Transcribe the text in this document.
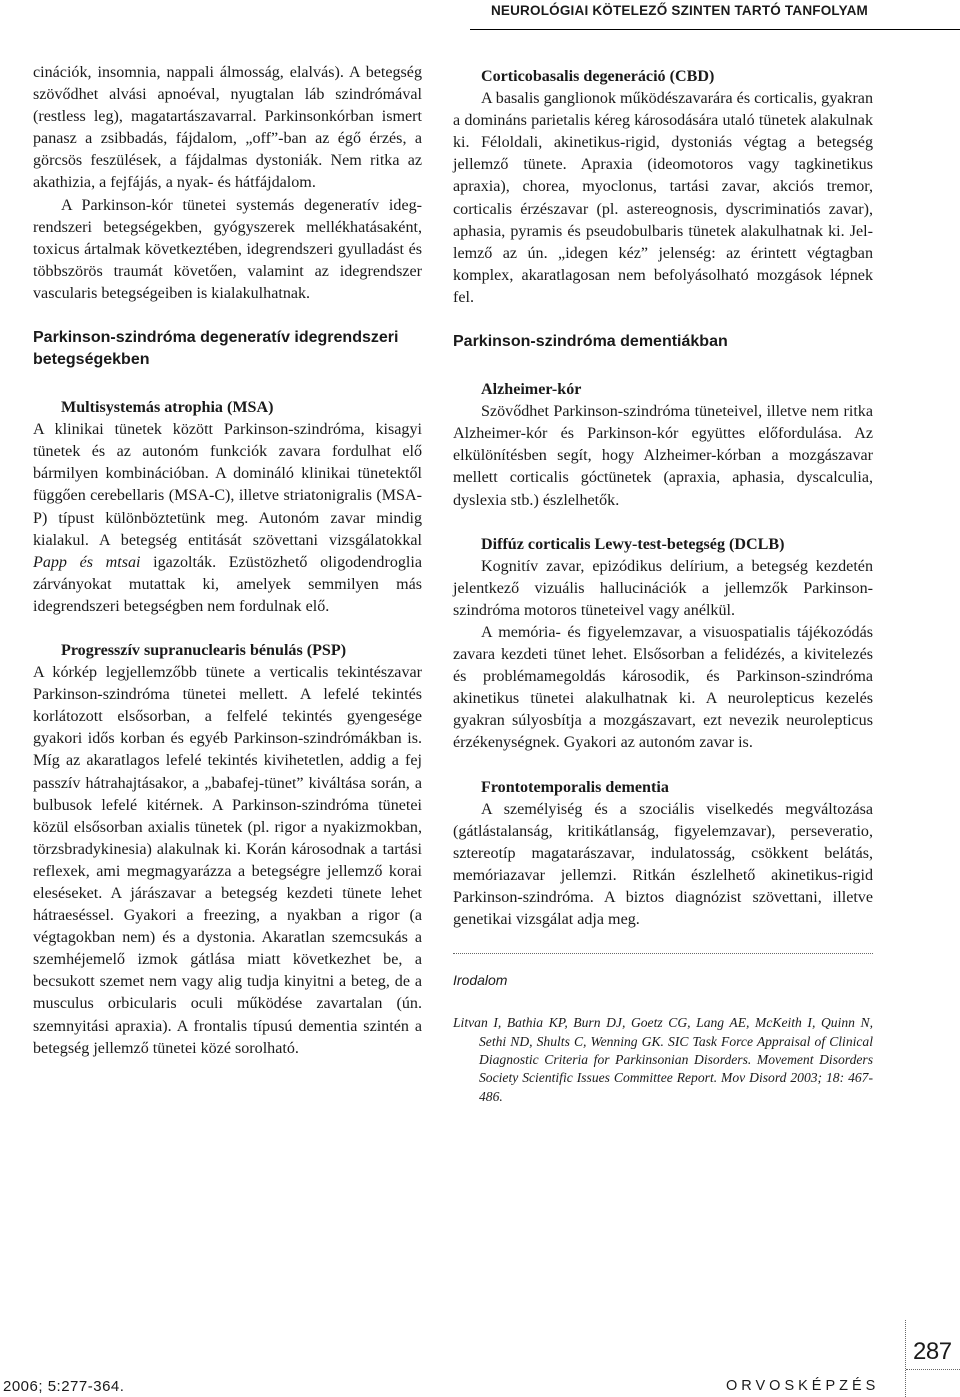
NEUROLÓGIAI KÖTELEZŐ SZINTEN TARTÓ TANFOLYAM

cinációk, insomnia, nappali álmosság, elalvás). A betegség szövődhet alvási apnoéval, nyugtalan láb szindrómával (restless leg), magatartászavarral. Parkinsonkórban ismert panasz a zsibbadás, fájdalom, „off”-ban az égő érzés, a görcsös feszülések, a fájdalmas dystoniák. Nem ritka az akathizia, a fejfájás, a nyak- és hátfájdalom.

A Parkinson-kór tünetei systemás degeneratív idegrendszeri betegségekben, gyógyszerek mellékhatásaként, toxicus ártalmak következtében, idegrendszeri gyulladást és többszörös traumát követően, valamint az idegrendszer vascularis betegségeiben is kialakulhatnak.

Parkinson-szindróma degeneratív idegrendszeri betegségekben

Multisystemás atrophia (MSA)

A klinikai tünetek között Parkinson-szindróma, kisagyi tünetek és az autonóm funkciók zavara fordulhat elő bármilyen kombinációban. A domináló klinikai tünetektől függően cerebellaris (MSA-C), illetve striatonigralis (MSA-P) típust különböztetünk meg. Autonóm zavar mindig kialakul. A betegség entitását szövettani vizsgálatokkal Papp és mtsai igazolták. Ezüstözhető oligodendroglia zárványokat mutattak ki, amelyek semmilyen más idegrendszeri betegségben nem fordulnak elő.

Progresszív supranuclearis bénulás (PSP)

A kórkép legjellemzőbb tünete a verticalis tekintészavar Parkinson-szindróma tünetei mellett. A lefelé tekintés korlátozott elsősorban, a felfelé tekintés gyengesége gyakori idős korban és egyéb Parkinson-szindrómákban is. Míg az akaratlagos lefelé tekintés kivihetetlen, addig a fej passzív hátrahajtásakor, a „babafej-tünet” kiváltása során, a bulbusok lefelé kitérnek. A Parkinson-szindróma tünetei közül elsősorban axialis tünetek (pl. rigor a nyakizmokban, törzsbradykinesia) alakulnak ki. Korán károsodnak a tartási reflexek, ami megmagyarázza a betegségre jellemző korai eleséseket. A járászavar a betegség kezdeti tünete lehet hátraeséssel. Gyakori a freezing, a nyakban a rigor (a végtagokban nem) és a dystonia. Akaratlan szemcsukás a szemhéjemelő izmok gátlása miatt következhet be, a becsukott szemet nem vagy alig tudja kinyitni a beteg, de a musculus orbicularis oculi működése zavartalan (ún. szemnyitási apraxia). A frontalis típusú dementia szintén a betegség jellemző tünetei közé sorolható.

Corticobasalis degeneráció (CBD)

A basalis ganglionok működészavarára és corticalis, gyakran a domináns parietalis kéreg károsodására utaló tünetek alakulnak ki. Féloldali, akinetikus-rigid, dystoniás végtag a betegség jellemző tünete. Apraxia (ideomotoros vagy tagkinetikus apraxia), chorea, myoclonus, tartási zavar, akciós tremor, corticalis érzészavar (pl. astereognosis, dyscriminatiós zavar), aphasia, pyramis és pseudobulbaris tünetek alakulhatnak ki. Jellemző az ún. „idegen kéz” jelenség: az érintett végtagban komplex, akaratlagosan nem befolyásolható mozgások lépnek fel.

Parkinson-szindróma dementiákban

Alzheimer-kór

Szövődhet Parkinson-szindróma tüneteivel, illetve nem ritka Alzheimer-kór és Parkinson-kór együttes előfordulása. Az elkülönítésben segít, hogy Alzheimer-kórban a mozgászavar mellett corticalis góctünetek (apraxia, aphasia, dyscalculia, dyslexia stb.) észlelhetők.

Diffúz corticalis Lewy-test-betegség (DCLB)

Kognitív zavar, epizódikus delírium, a betegség kezdetén jelentkező vizuális hallucinációk a jellemzők Parkinson-szindróma motoros tüneteivel vagy anélkül.

A memória- és figyelemzavar, a visuospatialis tájékozódás zavara kezdeti tünet lehet. Elsősorban a felidézés, a kivitelezés és problémamegoldás károsodik, és Parkinson-szindróma akinetikus tünetei alakulhatnak ki. A neurolepticus kezelés gyakran súlyosbítja a mozgászavart, ezt nevezik neurolepticus érzékenységnek. Gyakori az autonóm zavar is.

Frontotemporalis dementia

A személyiség és a szociális viselkedés megváltozása (gátlástalanság, kritikátlanság, figyelemzavar), perseveratio, sztereotíp magatarászavar, indulatosság, csökkent belátás, memóriazavar jellemzi. Ritkán észlelhető akinetikus-rigid Parkinson-szindróma. A biztos diagnózist szövettani, illetve genetikai vizsgálat adja meg.

Irodalom

Litvan I, Bathia KP, Burn DJ, Goetz CG, Lang AE, McKeith I, Quinn N, Sethi ND, Shults C, Wenning GK. SIC Task Force Appraisal of Clinical Diagnostic Criteria for Parkinsonian Disorders. Movement Disorders Society Scientific Issues Committee Report. Mov Disord 2003; 18: 467-486.

287
2006; 5:277-364.	ORVOSKÉPZÉS
